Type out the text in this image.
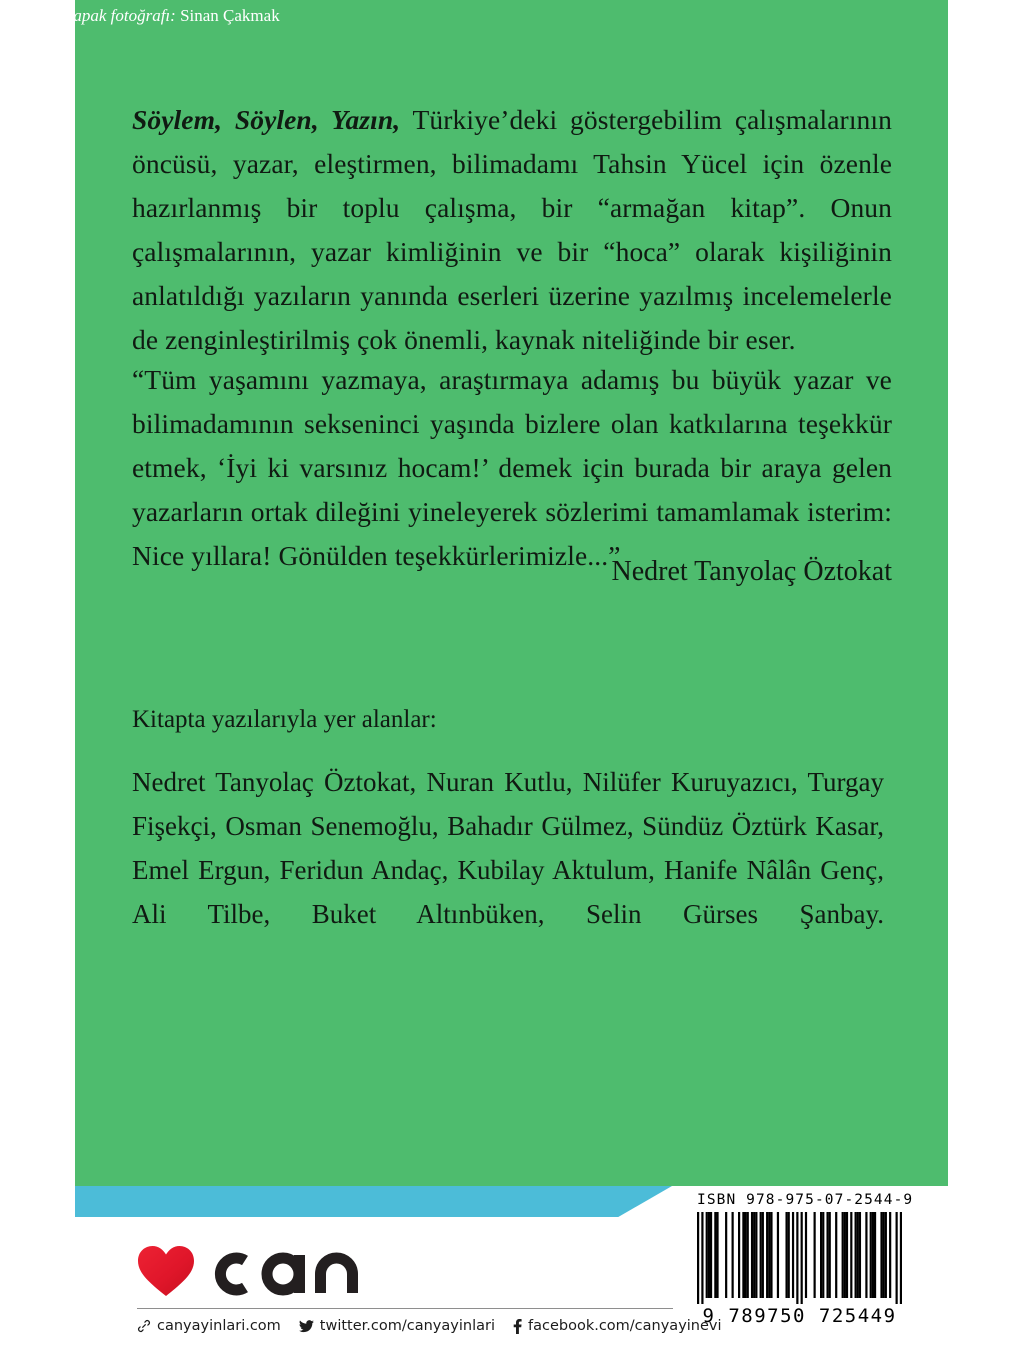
Söylem, Söylen, Yazın, Türkiye’deki göstergebilim çalışmalarının öncüsü, yazar, eleştirmen, bilimadamı Tahsin Yücel için özenle hazırlanmış bir toplu çalışma, bir “armağan kitap”. Onun çalışmalarının, yazar kimliğinin ve bir “hoca” olarak kişiliğinin anlatıldığı yazıların yanında eserleri üzerine yazılmış incelemelerle de zenginleştirilmiş çok önemli, kaynak niteliğinde bir eser.

“Tüm yaşamını yazmaya, araştırmaya adamış bu büyük yazar ve bilimadamının sekseninci yaşında bizlere olan katkılarına teşekkür etmek, ‘İyi ki varsınız hocam!’ demek için burada bir araya gelen yazarların ortak dileğini yineleyerek sözlerimi tamamlamak isterim: Nice yıllara! Gönülden teşekkürlerimizle...”

Nedret Tanyolaç Öztokat
Kitapta yazılarıyla yer alanlar:
Nedret Tanyolaç Öztokat, Nuran Kutlu, Nilüfer Kuruyazıcı, Turgay Fişekçi, Osman Senemoğlu, Bahadır Gülmez, Sündüz Öztürk Kasar, Emel Ergun, Feridun Andaç, Kubilay Aktulum, Hanife Nâlân Genç, Ali Tilbe, Buket Altınbüken, Selin Gürses Şanbay.
Kapak fotoğrafı: Sinan Çakmak
canyayinlari.com	twitter.com/canyayinlari facebook.com/canyayinevi
ISBN 978-975-07-2544-9
9 789750 725449
